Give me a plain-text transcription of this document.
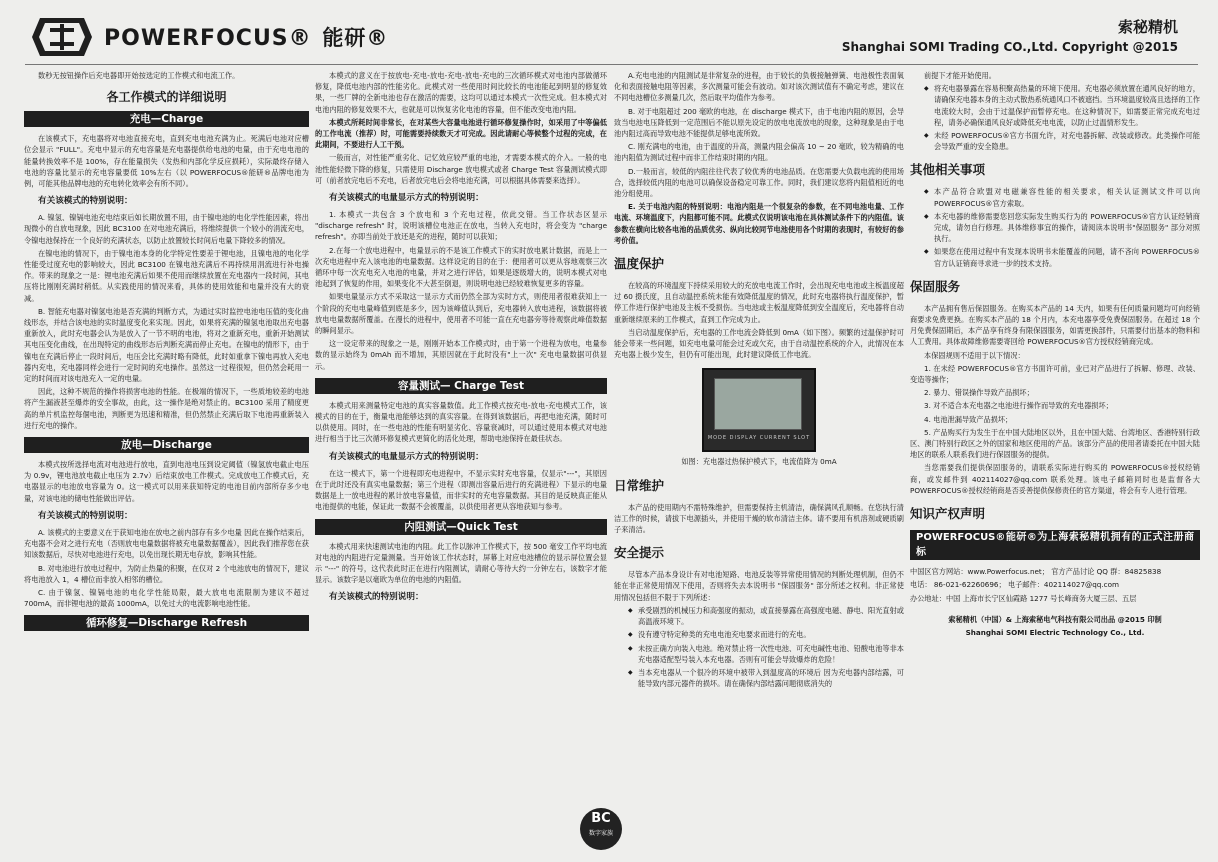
POWERFOCUS® 能研®	索秘精机
Shanghai SOMI Trading CO.,Ltd. Copyright @2015

数秒无按钮操作后充电器即开始按选定的工作模式和电流工作。

各工作模式的详细说明
充电—Charge

在该模式下，充电器将对电池直接充电，直到充电电池充满为止。死满后电池对应槽位会显示 "FULL"。充电中显示的充电容量是充电器提供给电池的电量，由于充电电池的能量转换效率不是 100%，存在能量损失（发热和内部化学反应损耗），实际最终存储入电池的容量比显示的充电容量要低 10%左右（以 POWERFOCUS®能研®品牌电池为例，可能其他品牌电池的充电转化效率会有所不同）。

有关该模式的特别说明：

A. 镍氢、镍镉电池充电结束后如长期放置不用，由于镍电池的电化学性能因素，将出现微小的自放电现象，因此 BC3100 在对电池充满后，将维续提供一个较小的涓流充电，令镍电池保持在一个良好的充满状态，以防止放置较长时间后电量下降较多的情况。

在镍电池的情况下，由于镍电池本身的化学特定性要差于锂电池，且镍电池的电化学性能受过度充电的影响较大，因此 BC3100 在镍电池充满后不再持续用涓流进行补电操作。带来的现象之一是：锂电池充满后如果不使用而继续放置在充电器内一段时间，其电压将比刚刚充满时稍低。从实践使用的情况来看，具体的使用效能和电量并没有大的衰减。

B. 智能充电器对镍氢电池是否充满的判断方式，为通过实时监控电池电压值的变化曲线形态，并结合该电池的实时温度变化来实现。因此，如果将充满的镍氢电池取出充电器重新放入，此时充电器会认为是放入了一节不明的电池，将对之重新充电，重新开始测试其电压变化曲线，在出现特定的曲线形态后判断充满而停止充电。在镍电的情形下，由于镍电在充满后停止一段时间后，电压会比充满时略有降低，此时如重拿下镍电再放入充电器内充电，充电器同样会进行一定时间的充电操作。虽然这一过程很短，但仍然会耗用一定的时间而对该电池充入一定的电量。

因此，这种不规范的操作将损害电池的性能。在极端的情况下，一些质地较差的电池将产生漏液甚至爆炸的安全事故，由此，这一操作是绝对禁止的。BC3100 采用了精度更高的单片机监控每個电池，判断更为迅速和精准，但仍然禁止充满后取下电池再重新装入进行充电的操作。

放电—Discharge

本模式按所选择电流对电池进行放电，直到电池电压到设定阈值（镍氢放电截止电压为 0.9v，锂电池放电截止电压为 2.7v）后结束放电工作模式。完成放电工作模式后，充电器显示的电池放电容量为 0。这一模式可以用来获知特定的电池目前内部所存多少电量，对该电池的储电性能做出评估。

有关该模式的特别说明：

A. 该模式的主要意义在于获知电池在放电之前内部存有多少电量 因此在操作结束后，充电器不会对之进行充电（否则放电电量数据将被充电量数据覆盖），因此我们推荐您在获知该数据后，尽快对电池进行充电，以免出现长期无电存放，影响其性能。

B. 对电池进行放电过程中，为防止热量的积聚，在仅对 2 个电池放电的情况下，建议将电池放入 1，4 槽位而非放入相邻的槽位。

C. 由于镍氢、镍镉电池的电化学性能局限，最大放电电流限制为建议不超过 700mA，而非锂电池的最高 1000mA，以免过大的电流影响电池性能。

循环修复—Discharge Refresh

本模式的意义在于按放电-充电-放电-充电-放电-充电的三次循环模式对电池内部做循环修复，降低电池内部的性能劣化。此模式对一些使用时间比较长的电池能起到明显的修复效果，一些厂牌的全新电池也存在激活的需要，这均可以通过本模式一次性完成。但本模式对电池内阻的修复效果不大，也就是可以恢复劣化电池的容量，但不能改变电池内阻。

本模式所耗时间非常长，在对某些大容量电池进行循环修复操作时，如采用了中等偏低的工作电流（推荐）时，可能需要持续数天才可完成。因此请耐心等候整个过程的完成，在此期间，不要进行人工干预。

一般而言，对性能严重劣化、记忆效应较严重的电池，才需要本模式的介入。一般的电池性能轻微下降的修复，只需使用 Discharge 放电模式或者 Charge Test 容量测试模式即可（前者放完电后不充电，后者放完电后会将电池充满，可以根据具体需要来选择）。

有关该模式的电量显示方式的特别说明：

1. 本模式一共包含 3 个放电和 3 个充电过程，依此交错。当工作状态区显示 "discharge refresh" 时，说明该槽位电池正在放电，当转入充电时，将会变为 "charge refresh"。亦即当前处于放还是充的进程，随时可以获知；

2.在每一个放电进程中，电量显示的不是该工作模式下的实时放电累计数据，而是上一次充电进程中充入该电池的电量数据。这样设定的目的在于：便用者可以更从容地观察三次循环中每一次充电充入电池的电量，并对之进行评估，如果是逐级增大的，说明本模式对电池起到了恢复的作用，如果变化不大甚至倒退，则说明电池已经较难恢复更多的容量。

如果电量显示方式不采取这一显示方式而仍然全部为实时方式，则使用者很难获知上一个阶段的充电电量峰值到底是多少，因为该峰值认到后，充电器转入放电进程，该数据将被放电电量数据所覆盖。在漫长的进程中，使用者不可能一直在充电器旁等待观察此峰值数据的瞬间显示。

这一设定带来的现象之一是，刚刚开始本工作模式时，由于第一个进程为放电，电量参数的显示始终为 0mAh 而不增加，其原因就在于此时没有"上一次" 充电电量数据可供显示。

容量测试— Charge Test

本模式用来测量特定电池的真实容量数值。此工作模式按充电-放电-充电模式工作，该模式的目的在于，衡量电池能够达到的真实容量。在得到该数据后，再把电池充满，随时可以供使用。同时，在一些电池的性能有明显劣化、容量衰减时，可以通过使用本模式对电池进行相当于比三次循环修复模式更简化的活化处理，帮助电池保持在最佳状态。

有关该模式的电量显示方式的特别说明：

在这一模式下，第一个进程即充电进程中，不显示实时充电容量，仅显示"---"，其原因在于此时还没有真实电量数据；第三个进程（即测出容量后进行的充满进程）下显示的电量数据是上一放电进程的累计放电容量值，而非实时的充电容量数据。其目的是反映真正能从电池提供的电能，保证此一数据不会被覆盖，以供使用者更从容地获知与参考。

内阻测试—Quick Test

本模式用来快速测试电池的内阻。此工作以脉冲工作模式下，按 500 毫安工作平均电流对电池的内阻进行定量测量。当开始该工作状态时，屏幕上对应电池槽位的显示屏位置会显示 "---" 的符号，这代表此时正在进行内阻测试，请耐心等待大约一分钟左右，该数字才能显示。该数字是以毫欧为单位的电池的内阻值。

有关该模式的特别说明：

A.充电电池的内阻测试是非常复杂的进程，由于较长的负极接触弹簧、电池极性表面氧化和表面接触电阻等因素，多次测量可能会有波动。如对该次测试值有不确定考虑，建议在不同电池槽位多测量几次，然后取平均值作为参考。

B. 对于电阻超过 200 毫欧的电池，在 discharge 模式下，由于电池内阻的原因，会导致当电池电压降低到一定范围后不能以原先设定的放电电流放电的现象，这种现象是由于电池内阻过高而导致电池不能提供足够电流所致。

C. 刚充满电的电池，由于温度的升高，测量内阻会偏高 10 ~ 20 毫欧，较为精确的电池内阻值为测试过程中而非工作结束时期的内阻。

D.一般而言，较低的内阻往往代表了较优秀的电池品质。在您需要大负载电流的使用场合，选择较低内阻的电池可以确保设备稳定可靠工作。同时，我们建议您将内阻值相近的电池分组使用。

E. 关于电池内阻的特别说明：电池内阻是一个很复杂的参数，在不同电池电量、工作电流、环境温度下，内阻都可能不同。此模式仅说明该电池在具体测试条件下的内阻值。该参数在横向比较各电池的品质优劣、纵向比较同节电池使用各个时期的表现时，有较好的参考价值。

温度保护

在较高的环境温度下持续采用较大的充放电电流工作时，会出现充电电池或主板温度超过 60 摄氏度，且自动温控系统未能有效降低温度的情况，此时充电器将执行温度保护，暂停工作进行保护电池及主板不受损伤。当电池或主板温度降低到安全温度后，充电器将自动重新继续原来的工作模式，直到工作完成为止。

当启动温度保护后，充电器的工作电流会降低到 0mA（如下图）。频繁的过温保护时可能会带来一些问题，如充电电量可能会过充或欠充，由于自动温控系统的介入，此情况在本充电器上极少发生，但仍有可能出现，此时建议降低工作电流。

MODE DISPLAY CURRENT SLOT
如图：充电器过热保护模式下，电流值降为 0mA
日常维护

本产品的使用期内不需特殊维护，但需要保持主机清洁，确保满风孔顺畅。在您执行清洁工作的时候，请拔下电源插头，并使用干燥的软布清洁主体。请不要用有机溶剂或硬质刷子来清洁。

安全提示

尽管本产品本身设计有对电池短路、电池反装等异常使用情况的判断处理机制，但仍不能在非正常使用情况下使用，否则将失去本说明书 "保固服务" 部分所述之权利。非正常使用情况包括但不限于下列所述：

◆ 承受剧烈的机械压力和高强度的振动，或直接暴露在高强度电磁、静电、阳光直射或高温液环境下。
◆ 没有遵守特定种类的充电电池充电要求而进行的充电。
◆ 未按正确方向装入电池。绝对禁止将一次性电池、可充电碱性电池、铅酸电池等非本充电器适配型号装入本充电器。否则有可能会导致爆炸的危险！
◆ 当本充电器从一个很冷的环境中被带入到温度高的环境后 因为充电器内部结露，可能导致内部元器件的损坏。请在确保内部结露问题彻底消失的

前提下才能开始使用。

◆ 将充电器暴露在容易积聚高热量的环境下使用。充电器必须放置在通风良好的地方，请确保充电器本身的主动式散热系统通风口不被遮挡。当环境温度较高且选择的工作电流较大时，会由于过温保护而暂停充电。在这种情况下，如需要正常完成充电过程，请务必确保通风良好或降低充电电流，以防止过温情形发生。
◆ 未经 POWERFOCUS®官方书面允许，对充电器拆解、改装或修改。此类操作可能会导致严重的安全隐患。
其他相关事项
◆ 本产品符合欧盟对电磁兼容性能的相关要求，相关认证测试文件可以向 POWERFOCUS®官方索取。
◆ 本充电器的维修需要您回您实际发生购买行为的 POWERFOCUS®官方认证经销商完成，请勿自行修理。具体维修事宜的操作，请阅读本说明书"保固服务" 部分对照执行。
◆ 如果您在使用过程中有发现本说明书未能覆盖的问题，请不吝向 POWERFOCUS®官方认证销商寻求进一步的技术支持。
保固服务

本产品拥有售后保固服务。在购买本产品的 14 天内，如果有任何质量问题均可向经销商要求免费更换。在购买本产品的 18 个月内，本充电器享受免费保固服务。在超过 18 个月免费保固期后，本产品享有终身有限保固服务，如需更换部件，只需要付出基本的物料和人工费用。具体故障维修需要寄回给 POWERFOCUS®官方授权经销商完成。

本保固规则不适用于以下情况：

1. 在未经 POWERFOCUS®官方书面许可前，业已对产品进行了拆解、修理、改装、变造等操作；

2. 暴力、错误操作导致产品损坏；

3. 对不适合本充电器之电池进行操作而导致的充电器损坏；

4. 电池泄漏导致产品损坏；

5. 产品购买行为发生于在中国大陆地区以外，且在中国大陆、台湾地区、香港特别行政区、澳门特别行政区之外的国家和地区使用的产品。该部分产品的使用者请委托在中国大陆地区的联系人联系我们进行保固服务的提供。

当您需要我们提供保固服务的，请联系实际进行购买的 POWERFOCUS®授权经销商，或发邮件到 402114027@qq.com 联系处理。该电子邮箱同时也是监督各大 POWERFOCUS®授权经销商是否妥善提供保修责任的官方渠道，将会有专人进行管理。

知识产权声明
POWERFOCUS®能研®为上海索秘精机拥有的正式注册商标
中国区官方网站：www.Powerfocus.net； 官方产品讨论 QQ 群：84825838
电话： 86-021-62260696； 电子邮件：402114027@qq.com
办公地址：中国 上海市长宁区仙霞路 1277 号长峰商务大厦三层、五层
索秘精机（中国）& 上海索秘电气科技有限公司出品 @2015 印制
Shanghai SOMI Electric Technology Co., Ltd.
BC
数字家族
